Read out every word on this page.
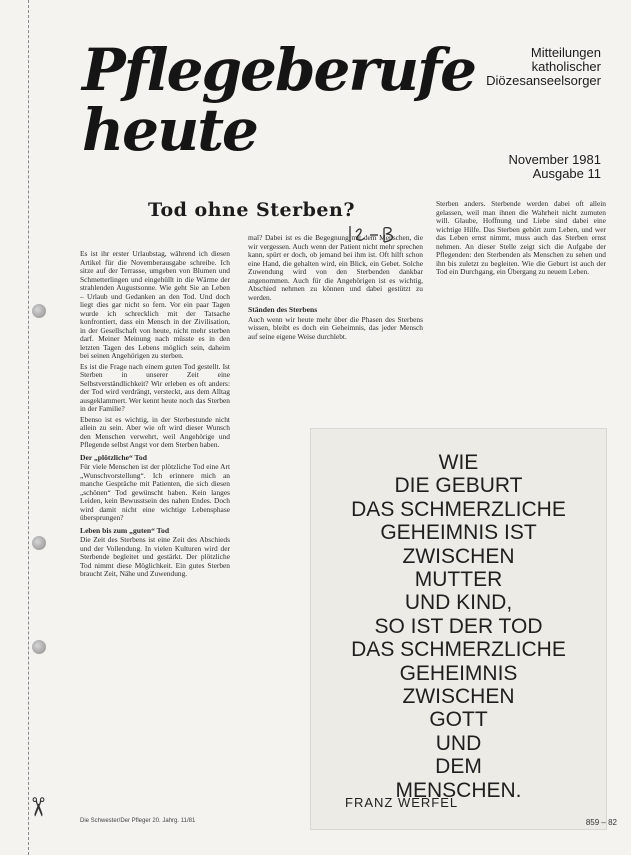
✂
Pflegeberufe
heute
Mitteilungen
katholischer
Diözesanseelsorger
November 1981
Ausgabe 11
Tod ohne Sterben?

Es ist ihr erster Urlaubstag, während ich diesen Artikel für die Novemberausgabe schreibe. Ich sitze auf der Terrasse, umgeben von Blumen und Schmetterlingen und eingehüllt in die Wärme der strahlenden Augustsonne. Wie geht Sie an Leben – Urlaub und Gedanken an den Tod. Und doch liegt dies gar nicht so fern. Vor ein paar Tagen wurde ich schrecklich mit der Tatsache konfrontiert, dass ein Mensch in der Zivilisation, in der Gesellschaft von heute, nicht mehr sterben darf. Meiner Meinung nach müsste es in den letzten Tagen des Lebens möglich sein, daheim bei seinen Angehörigen zu sterben.

Es ist die Frage nach einem guten Tod gestellt. Ist Sterben in unserer Zeit eine Selbstverständlichkeit? Wir erleben es oft anders: der Tod wird verdrängt, versteckt, aus dem Alltag ausgeklammert. Wer kennt heute noch das Sterben in der Familie?

Ebenso ist es wichtig, in der Sterbestunde nicht allein zu sein. Aber wie oft wird dieser Wunsch den Menschen verwehrt, weil Angehörige und Pflegende selbst Angst vor dem Sterben haben.

Der „plötzliche“ Tod

Für viele Menschen ist der plötzliche Tod eine Art „Wunschvorstellung“. Ich erinnere mich an manche Gespräche mit Patienten, die sich diesen „schönen“ Tod gewünscht haben. Kein langes Leiden, kein Bewusstsein des nahen Endes. Doch wird damit nicht eine wichtige Lebensphase übersprungen?

Leben bis zum „guten“ Tod

Die Zeit des Sterbens ist eine Zeit des Abschieds und der Vollendung. In vielen Kulturen wird der Sterbende begleitet und gestärkt. Der plötzliche Tod nimmt diese Möglichkeit. Ein gutes Sterben braucht Zeit, Nähe und Zuwendung.

mal? Dabei ist es die Begegnung mit dem Menschen, die wir vergessen. Auch wenn der Patient nicht mehr sprechen kann, spürt er doch, ob jemand bei ihm ist. Oft hilft schon eine Hand, die gehalten wird, ein Blick, ein Gebet. Solche Zuwendung wird von den Sterbenden dankbar angenommen. Auch für die Angehörigen ist es wichtig, Abschied nehmen zu können und dabei gestützt zu werden.

Ständen des Sterbens

Auch wenn wir heute mehr über die Phasen des Sterbens wissen, bleibt es doch ein Geheimnis, das jeder Mensch auf seine eigene Weise durchlebt.

Sterben anders. Sterbende werden dabei oft allein gelassen, weil man ihnen die Wahrheit nicht zumuten will. Glaube, Hoffnung und Liebe sind dabei eine wichtige Hilfe. Das Sterben gehört zum Leben, und wer das Leben ernst nimmt, muss auch das Sterben ernst nehmen. An dieser Stelle zeigt sich die Aufgabe der Pflegenden: den Sterbenden als Menschen zu sehen und ihn bis zuletzt zu begleiten. Wie die Geburt ist auch der Tod ein Durchgang, ein Übergang zu neuem Leben.

WIE
DIE GEBURT
DAS SCHMERZLICHE
GEHEIMNIS IST
ZWISCHEN
MUTTER
UND KIND,
SO IST DER TOD
DAS SCHMERZLICHE
GEHEIMNIS
ZWISCHEN
GOTT
UND
DEM
MENSCHEN.
FRANZ WERFEL
Die Schwester/Der Pfleger 20. Jahrg. 11/81	859 – 82
